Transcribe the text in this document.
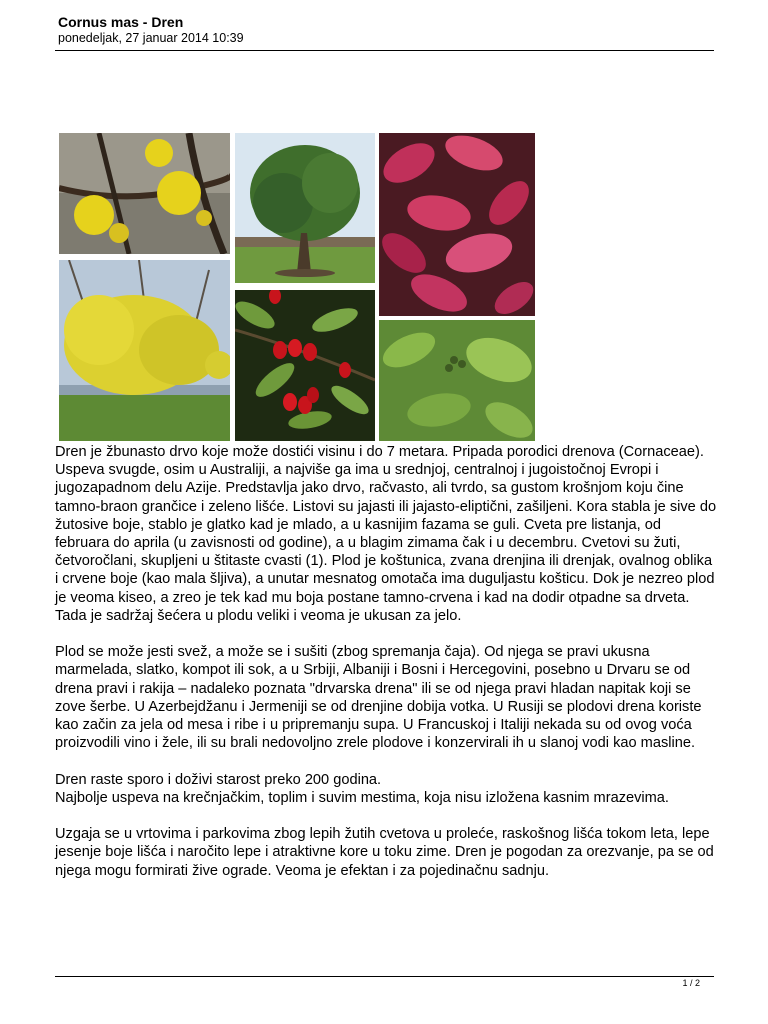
Cornus mas - Dren
ponedeljak, 27 januar 2014 10:39

Dren je žbunasto drvo koje može dostići visinu i do 7 metara. Pripada porodici drenova (Cornaceae). Uspeva svugde, osim u Australiji, a najviše ga ima u srednjoj, centralnoj i jugoistočnoj Evropi i jugozapadnom delu Azije. Predstavlja jako drvo, račvasto, ali tvrdo, sa gustom krošnjom koju čine tamno-braon grančice i zeleno lišće. Listovi su jajasti ili jajasto-eliptični, zašiljeni. Kora stabla je sive do žutosive boje, stablo je glatko kad je mlado, a u kasnijim fazama se guli. Cveta pre listanja, od februara do aprila (u zavisnosti od godine), a u blagim zimama čak i u decembru. Cvetovi su žuti, četvoročlani, skupljeni u štitaste cvasti (1). Plod je koštunica, zvana drenjina ili drenjak, ovalnog oblika i crvene boje (kao mala šljiva), a unutar mesnatog omotača ima duguljastu košticu. Dok je nezreo plod je veoma kiseo, a zreo je tek kad mu boja postane tamno-crvena i kad na dodir otpadne sa drveta. Tada je sadržaj šećera u plodu veliki i veoma je ukusan za jelo.

Plod se može jesti svež, a može se i sušiti (zbog spremanja čaja). Od njega se pravi ukusna marmelada, slatko, kompot ili sok, a u Srbiji, Albaniji i Bosni i Hercegovini, posebno u Drvaru se od drena pravi i rakija – nadaleko poznata "drvarska drena" ili se od njega pravi hladan napitak koji se zove šerbe. U Azerbejdžanu i Jermeniji se od drenjine dobija votka. U Rusiji se plodovi drena koriste kao začin za jela od mesa i ribe i u pripremanju supa. U Francuskoj i Italiji nekada su od ovog voća proizvodili vino i žele, ili su brali nedovoljno zrele plodove i konzervirali ih u slanoj vodi kao masline.

Dren raste sporo i doživi starost preko 200 godina.

Najbolje uspeva na krečnjačkim, toplim i suvim mestima, koja nisu izložena kasnim mrazevima.

Uzgaja se u vrtovima i parkovima zbog lepih žutih cvetova u proleće, raskošnog lišća tokom leta, lepe jesenje boje lišća i naročito lepe i atraktivne kore u toku zime. Dren je pogodan za orezvanje, pa se od njega mogu formirati žive ograde. Veoma je efektan i za pojedinačnu sadnju.

1 / 2
